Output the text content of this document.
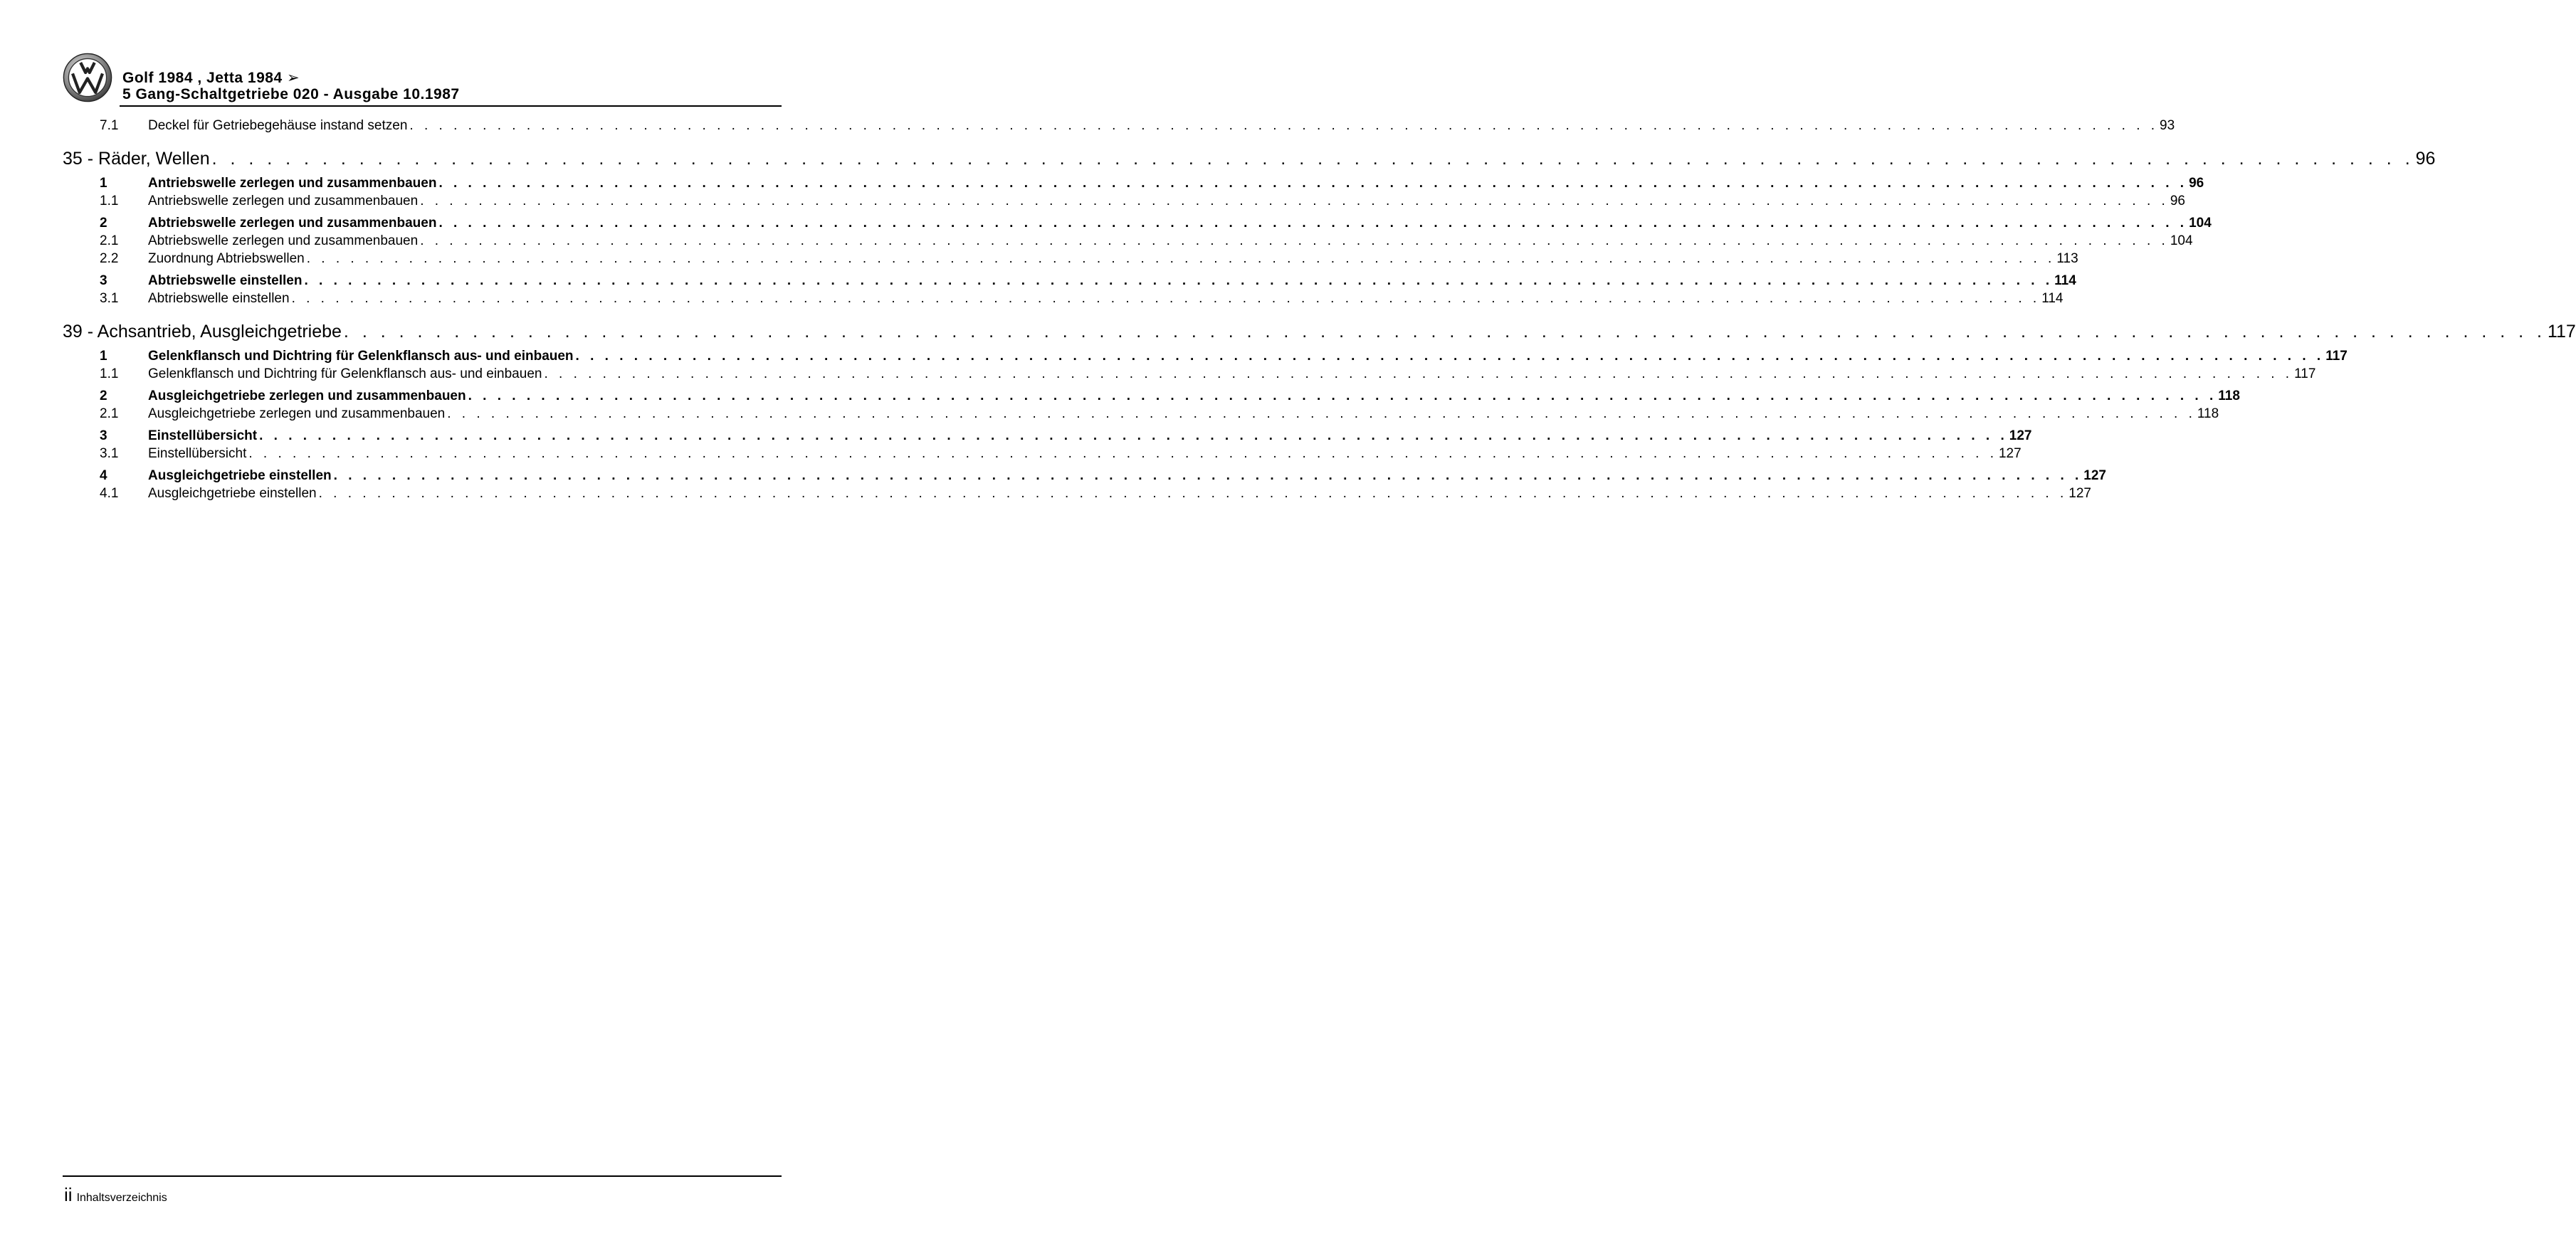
Golf 1984 , Jetta 1984 ➢
5 Gang-Schaltgetriebe 020 - Ausgabe 10.1987
7.1 Deckel für Getriebegehäuse instand setzen . . . . . . . . . . . . . . . . . . . . . . . . . . . . . . . . . . . . . . . . . . . . . . . . . . . . . . . . . . . . . . . . . . . . . . . . . . . . . . . . . . . . . . . . . . . . . . . . . . . . . . . . . . . . . . . . . . . . . . . . 93
35 - Räder, Wellen . . . . . . . . . . . . . . . . . . . . . . . . . . . . . . . . . . . . . . . . . . . . . . . . . . . . . . . . . . . . . . . . . . . . . . . . . . . . . . . . . . . . . . . . . . . . . . . . . . . . . . . . . . . . . . . . . . . . . . . . 96
1	Antriebswelle zerlegen und zusammenbauen . . . . . . . . . . . . . . . . . . . . . . . . . . . . . . . . . . . . . . . . . . . . . . . . . . . . . . . . . . . . . . . . . . . . . . . . . . . . . . . . . . . . . . . . . . . . . . . . . . . . . . . . . . . . . . . . . . . . . . . . 96
1.1 Antriebswelle zerlegen und zusammenbauen . . . . . . . . . . . . . . . . . . . . . . . . . . . . . . . . . . . . . . . . . . . . . . . . . . . . . . . . . . . . . . . . . . . . . . . . . . . . . . . . . . . . . . . . . . . . . . . . . . . . . . . . . . . . . . . . . . . . . . . . 96
2	Abtriebswelle zerlegen und zusammenbauen . . . . . . . . . . . . . . . . . . . . . . . . . . . . . . . . . . . . . . . . . . . . . . . . . . . . . . . . . . . . . . . . . . . . . . . . . . . . . . . . . . . . . . . . . . . . . . . . . . . . . . . . . . . . . . . . . . . . . . . . 104
2.1 Abtriebswelle zerlegen und zusammenbauen . . . . . . . . . . . . . . . . . . . . . . . . . . . . . . . . . . . . . . . . . . . . . . . . . . . . . . . . . . . . . . . . . . . . . . . . . . . . . . . . . . . . . . . . . . . . . . . . . . . . . . . . . . . . . . . . . . . . . . . . 104
2.2 Zuordnung Abtriebswellen . . . . . . . . . . . . . . . . . . . . . . . . . . . . . . . . . . . . . . . . . . . . . . . . . . . . . . . . . . . . . . . . . . . . . . . . . . . . . . . . . . . . . . . . . . . . . . . . . . . . . . . . . . . . . . . . . . . . . . . . 113
3	Abtriebswelle einstellen . . . . . . . . . . . . . . . . . . . . . . . . . . . . . . . . . . . . . . . . . . . . . . . . . . . . . . . . . . . . . . . . . . . . . . . . . . . . . . . . . . . . . . . . . . . . . . . . . . . . . . . . . . . . . . . . . . . . . . . . 114
3.1 Abtriebswelle einstellen . . . . . . . . . . . . . . . . . . . . . . . . . . . . . . . . . . . . . . . . . . . . . . . . . . . . . . . . . . . . . . . . . . . . . . . . . . . . . . . . . . . . . . . . . . . . . . . . . . . . . . . . . . . . . . . . . . . . . . . . 114
39 - Achsantrieb, Ausgleichgetriebe . . . . . . . . . . . . . . . . . . . . . . . . . . . . . . . . . . . . . . . . . . . . . . . . . . . . . . . . . . . . . . . . . . . . . . . . . . . . . . . . . . . . . . . . . . . . . . . . . . . . . . . . . . . . . . . . . . . . . . . . 117
1	Gelenkflansch und Dichtring für Gelenkflansch aus- und einbauen . . . . . . . . . . . . . . . . . . . . . . . . . . . . . . . . . . . . . . . . . . . . . . . . . . . . . . . . . . . . . . . . . . . . . . . . . . . . . . . . . . . . . . . . . . . . . . . . . . . . . . . . . . . . . . . . . . . . . . . . 117
1.1 Gelenkflansch und Dichtring für Gelenkflansch aus- und einbauen . . . . . . . . . . . . . . . . . . . . . . . . . . . . . . . . . . . . . . . . . . . . . . . . . . . . . . . . . . . . . . . . . . . . . . . . . . . . . . . . . . . . . . . . . . . . . . . . . . . . . . . . . . . . . . . . . . . . . . . . 117
2	Ausgleichgetriebe zerlegen und zusammenbauen . . . . . . . . . . . . . . . . . . . . . . . . . . . . . . . . . . . . . . . . . . . . . . . . . . . . . . . . . . . . . . . . . . . . . . . . . . . . . . . . . . . . . . . . . . . . . . . . . . . . . . . . . . . . . . . . . . . . . . . . 118
2.1 Ausgleichgetriebe zerlegen und zusammenbauen . . . . . . . . . . . . . . . . . . . . . . . . . . . . . . . . . . . . . . . . . . . . . . . . . . . . . . . . . . . . . . . . . . . . . . . . . . . . . . . . . . . . . . . . . . . . . . . . . . . . . . . . . . . . . . . . . . . . . . . . 118
3	Einstellübersicht . . . . . . . . . . . . . . . . . . . . . . . . . . . . . . . . . . . . . . . . . . . . . . . . . . . . . . . . . . . . . . . . . . . . . . . . . . . . . . . . . . . . . . . . . . . . . . . . . . . . . . . . . . . . . . . . . . . . . . . . 127
3.1 Einstellübersicht . . . . . . . . . . . . . . . . . . . . . . . . . . . . . . . . . . . . . . . . . . . . . . . . . . . . . . . . . . . . . . . . . . . . . . . . . . . . . . . . . . . . . . . . . . . . . . . . . . . . . . . . . . . . . . . . . . . . . . . . 127
4	Ausgleichgetriebe einstellen . . . . . . . . . . . . . . . . . . . . . . . . . . . . . . . . . . . . . . . . . . . . . . . . . . . . . . . . . . . . . . . . . . . . . . . . . . . . . . . . . . . . . . . . . . . . . . . . . . . . . . . . . . . . . . . . . . . . . . . . 127
4.1 Ausgleichgetriebe einstellen . . . . . . . . . . . . . . . . . . . . . . . . . . . . . . . . . . . . . . . . . . . . . . . . . . . . . . . . . . . . . . . . . . . . . . . . . . . . . . . . . . . . . . . . . . . . . . . . . . . . . . . . . . . . . . . . . . . . . . . . 127
ii Inhaltsverzeichnis
